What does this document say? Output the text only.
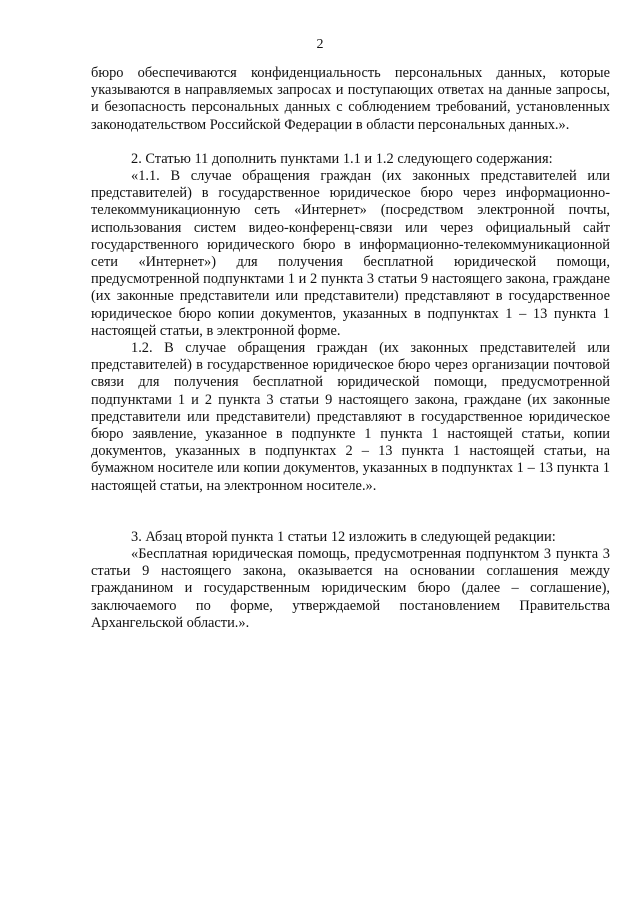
2

бюро обеспечиваются конфиденциальность персональных данных, которые указываются в направляемых запросах и поступающих ответах на данные запросы, и безопасность персональных данных с соблюдением требований, установленных законодательством Российской Федерации в области персональных данных.».

2. Статью 11 дополнить пунктами 1.1 и 1.2 следующего содержания:

«1.1. В случае обращения граждан (их законных представителей или представителей) в государственное юридическое бюро через информационно-телекоммуникационную сеть «Интернет» (посредством электронной почты, использования систем видео-конференц-связи или через официальный сайт государственного юридического бюро в информационно-телекоммуникационной сети «Интернет») для получения бесплатной юридической помощи, предусмотренной подпунктами 1 и 2 пункта 3 статьи 9 настоящего закона, граждане (их законные представители или представители) представляют в государственное юридическое бюро копии документов, указанных в подпунктах 1 – 13 пункта 1 настоящей статьи, в электронной форме.

1.2. В случае обращения граждан (их законных представителей или представителей) в государственное юридическое бюро через организации почтовой связи для получения бесплатной юридической помощи, предусмотренной подпунктами 1 и 2 пункта 3 статьи 9 настоящего закона, граждане (их законные представители или представители) представляют в государственное юридическое бюро заявление, указанное в подпункте 1 пункта 1 настоящей статьи, копии документов, указанных в подпунктах 2 – 13 пункта 1 настоящей статьи, на бумажном носителе или копии документов, указанных в подпунктах 1 – 13 пункта 1 настоящей статьи, на электронном носителе.».

3. Абзац второй пункта 1 статьи 12 изложить в следующей редакции:

«Бесплатная юридическая помощь, предусмотренная подпунктом 3 пункта 3 статьи 9 настоящего закона, оказывается на основании соглашения между гражданином и государственным юридическим бюро (далее – соглашение), заключаемого по форме, утверждаемой постановлением Правительства Архангельской области.».
